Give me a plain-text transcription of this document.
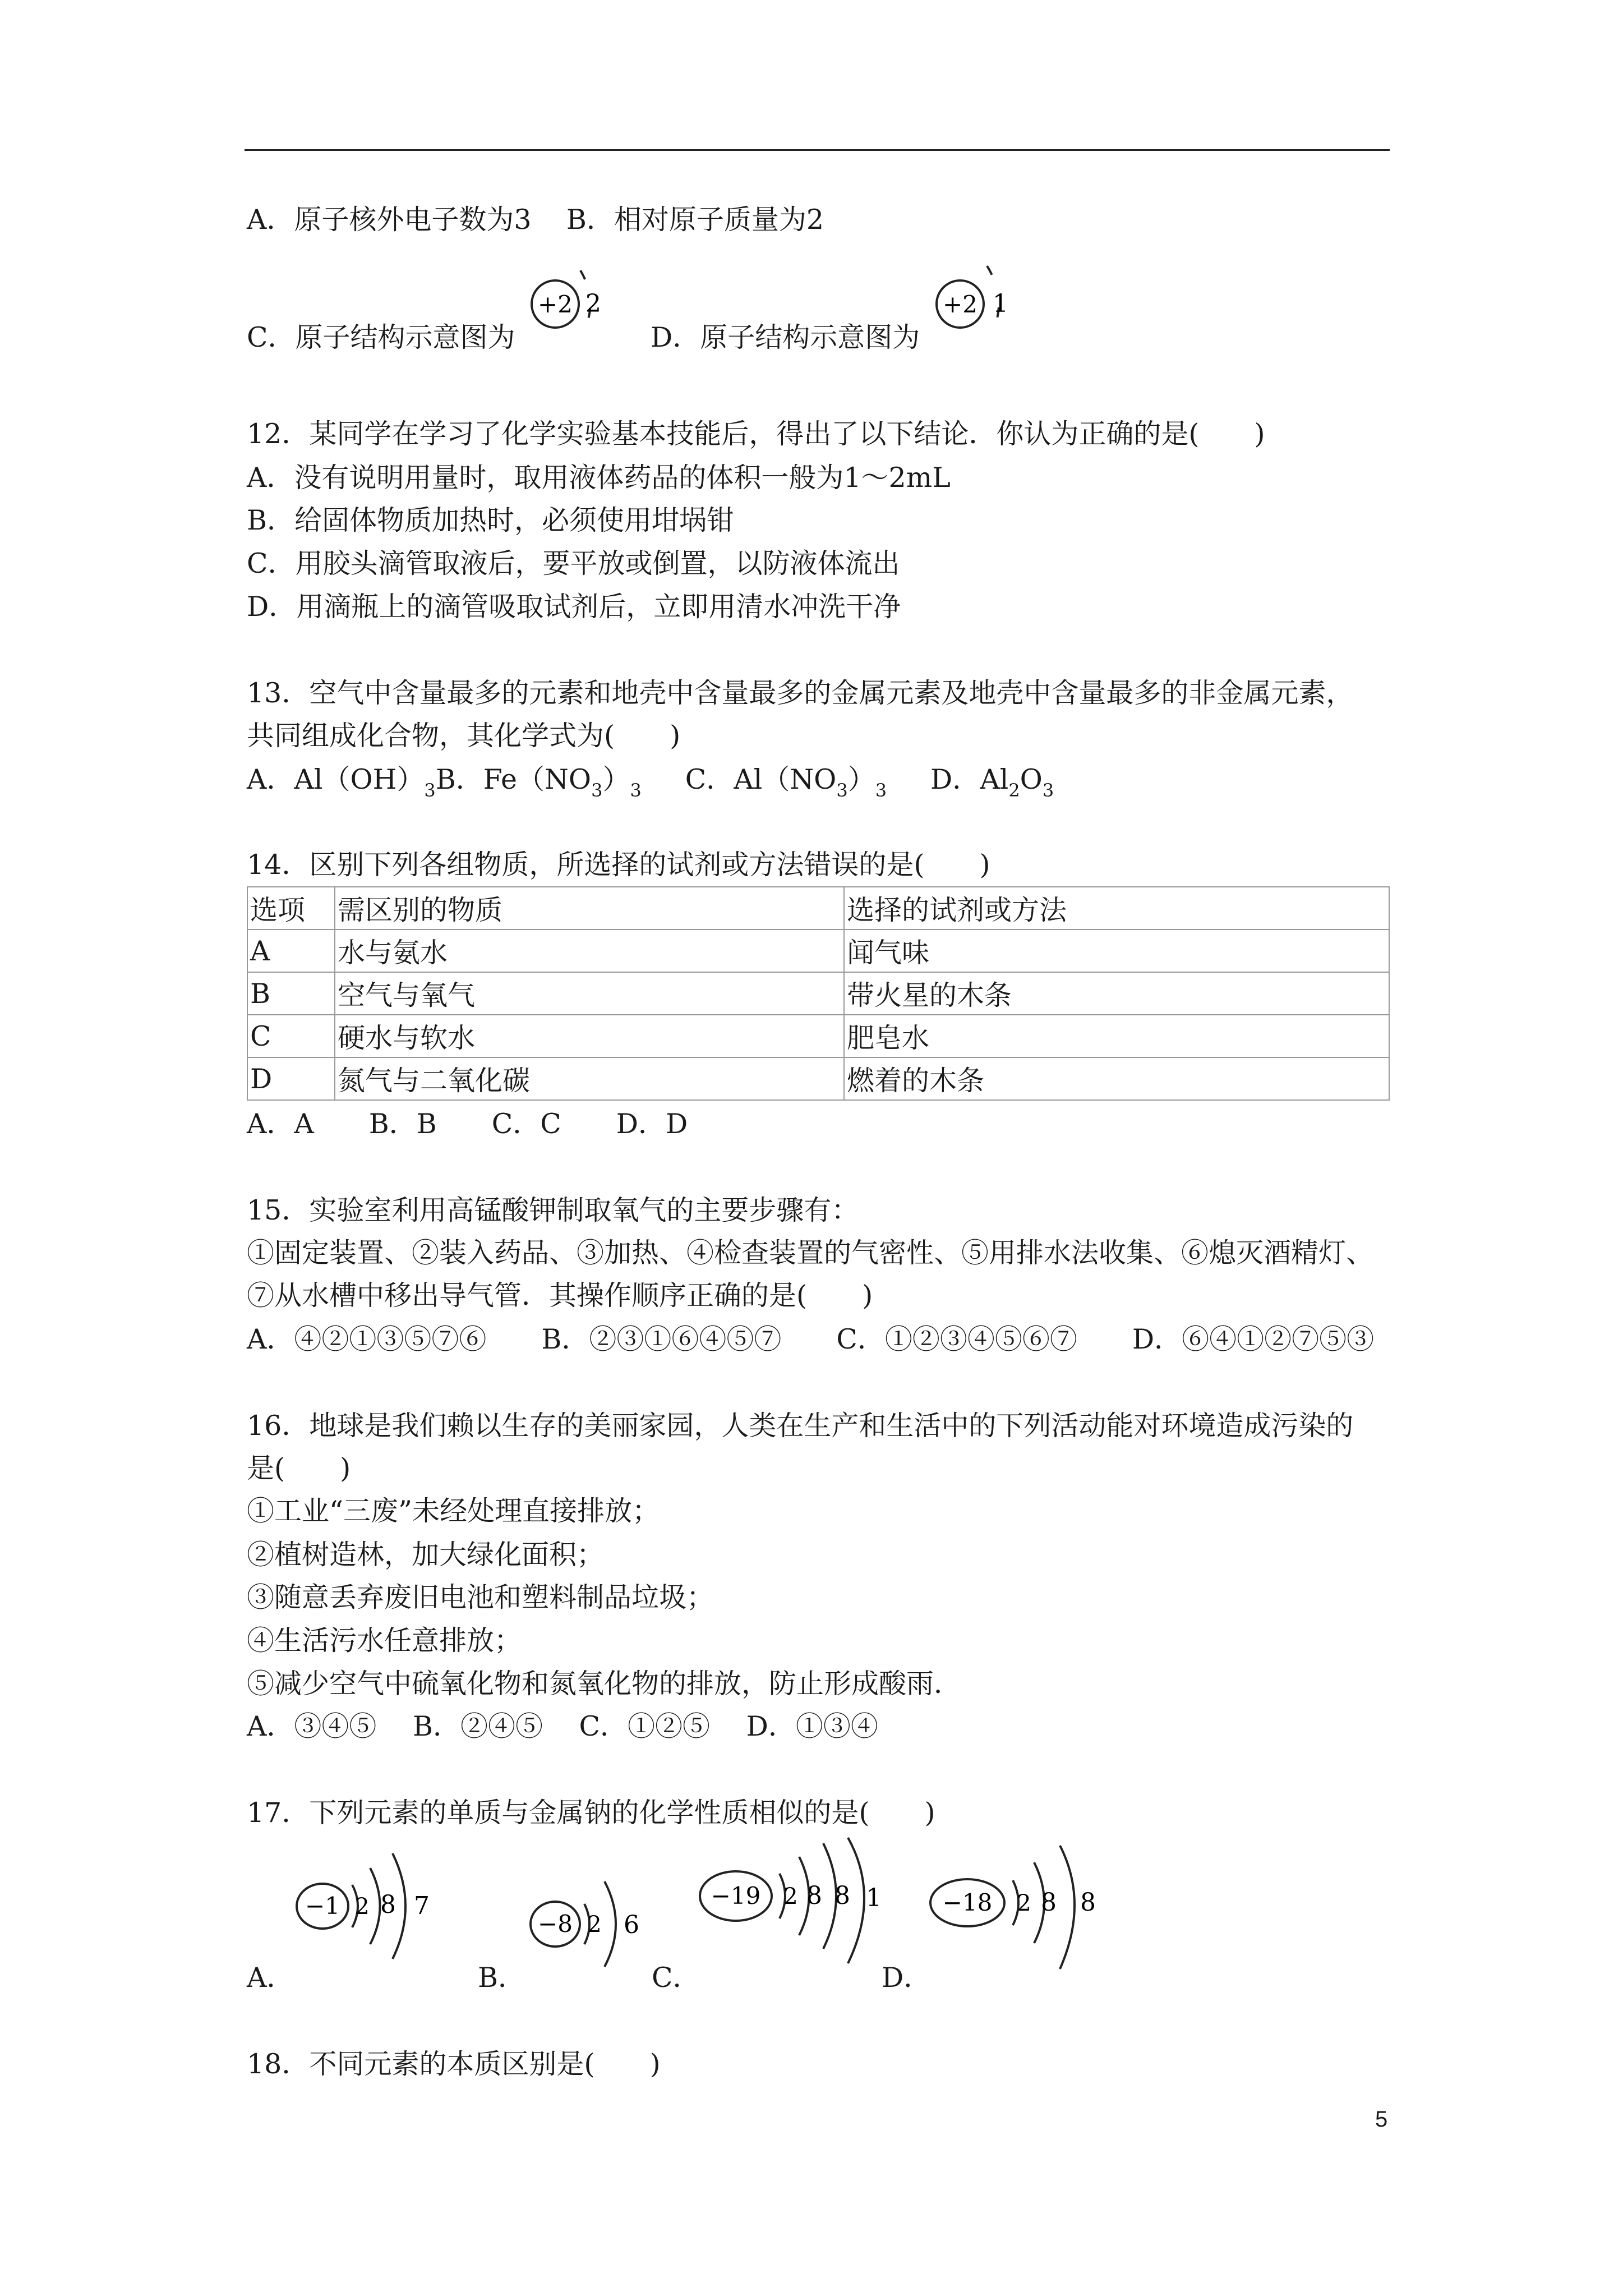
A．原子核外电子数为3    B．相对原子质量为2
C．原子结构示意图为
+2 2
D．原子结构示意图为
+2 1
12．某同学在学习了化学实验基本技能后，得出了以下结论．你认为正确的是(　　)
A．没有说明用量时，取用液体药品的体积一般为1～2mL
B．给固体物质加热时，必须使用坩埚钳
C．用胶头滴管取液后，要平放或倒置，以防液体流出
D．用滴瓶上的滴管吸取试剂后，立即用清水冲洗干净
13．空气中含量最多的元素和地壳中含量最多的金属元素及地壳中含量最多的非金属元素，
共同组成化合物，其化学式为(　　)
A．$Al(OH)_3B$．$Fe(NO_3)_3$ C．$Al(NO_3)_3$ D．$Al_2O_3$
14．区别下列各组物质，所选择的试剂或方法错误的是(　　)
选项	需区别的物质	选择的试剂或方法
A	水与氨水	闻气味
B	空气与氧气	带火星的木条
C	硬水与软水	肥皂水
D	氮气与二氧化碳	燃着的木条
A．A　　B．B　　C．C　　D．D
15．实验室利用高锰酸钾制取氧气的主要步骤有：
①固定装置、②装入药品、③加热、④检查装置的气密性、⑤用排水法收集、⑥熄灭酒精灯、
⑦从水槽中移出导气管．其操作顺序正确的是(　　)
A．④②①③⑤⑦⑥　　B．②③①⑥④⑤⑦　　C．①②③④⑤⑥⑦　　D．⑥④①②⑦⑤③
16．地球是我们赖以生存的美丽家园，人类在生产和生活中的下列活动能对环境造成污染的
是(　　)
①工业“三废”未经处理直接排放；
②植树造林，加大绿化面积；
③随意丢弃废旧电池和塑料制品垃圾；
④生活污水任意排放；
⑤减少空气中硫氧化物和氮氧化物的排放，防止形成酸雨．
A．③④⑤　 B．②④⑤　 C．①②⑤　 D．①③④
17．下列元素的单质与金属钠的化学性质相似的是(　　)
A．
−1 2 8 7
B．
−8 2 6
C．
−19 2 8 8 1
D．
−18 2 8 8
18．不同元素的本质区别是(　　)
5
